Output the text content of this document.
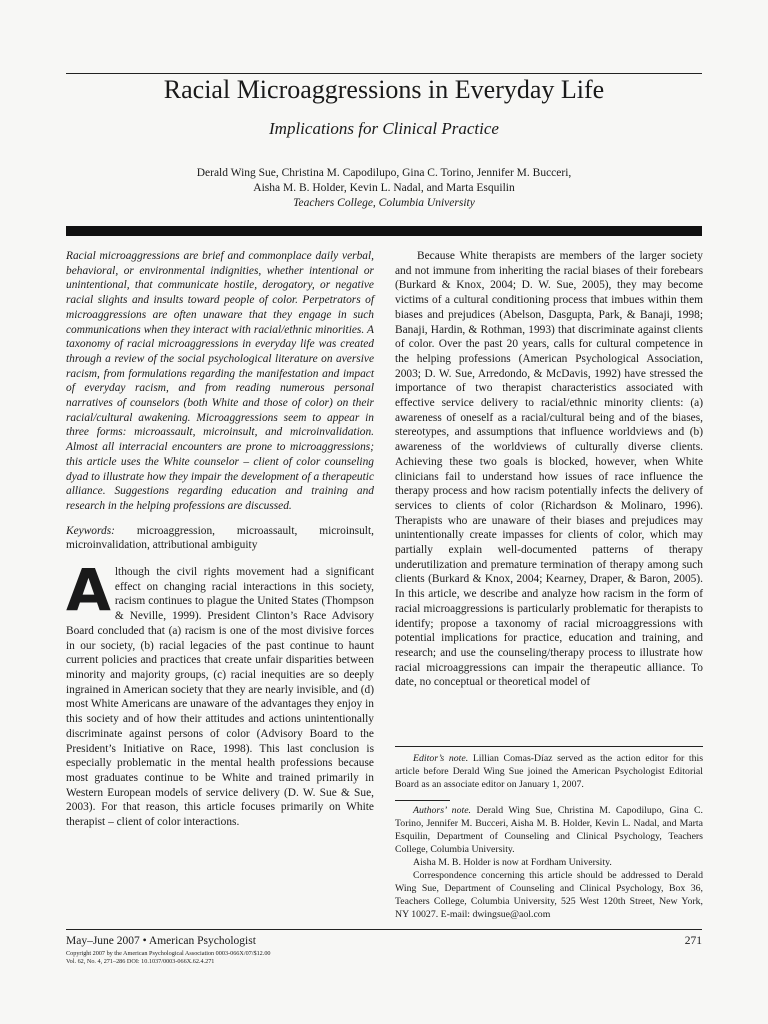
Racial Microaggressions in Everyday Life
Implications for Clinical Practice
Derald Wing Sue, Christina M. Capodilupo, Gina C. Torino, Jennifer M. Bucceri,
Aisha M. B. Holder, Kevin L. Nadal, and Marta Esquilin
Teachers College, Columbia University

Racial microaggressions are brief and commonplace daily verbal, behavioral, or environmental indignities, whether intentional or unintentional, that communicate hostile, derogatory, or negative racial slights and insults toward people of color. Perpetrators of microaggressions are often unaware that they engage in such communications when they interact with racial/ethnic minorities. A taxonomy of racial microaggressions in everyday life was created through a review of the social psychological literature on aversive racism, from formulations regarding the manifestation and impact of everyday racism, and from reading numerous personal narratives of counselors (both White and those of color) on their racial/cultural awakening. Microaggressions seem to appear in three forms: microassault, microinsult, and microinvalidation. Almost all interracial encounters are prone to microaggressions; this article uses the White counselor – client of color counseling dyad to illustrate how they impair the development of a therapeutic alliance. Suggestions regarding education and training and research in the helping professions are discussed.

Keywords: microaggression, microassault, microinsult, microinvalidation, attributional ambiguity

Although the civil rights movement had a significant effect on changing racial interactions in this society, racism continues to plague the United States (Thompson & Neville, 1999). President Clinton’s Race Advisory Board concluded that (a) racism is one of the most divisive forces in our society, (b) racial legacies of the past continue to haunt current policies and practices that create unfair disparities between minority and majority groups, (c) racial inequities are so deeply ingrained in American society that they are nearly invisible, and (d) most White Americans are unaware of the advantages they enjoy in this society and of how their attitudes and actions unintentionally discriminate against persons of color (Advisory Board to the President’s Initiative on Race, 1998). This last conclusion is especially problematic in the mental health professions because most graduates continue to be White and trained primarily in Western European models of service delivery (D. W. Sue & Sue, 2003). For that reason, this article focuses primarily on White therapist – client of color interactions.

Because White therapists are members of the larger society and not immune from inheriting the racial biases of their forebears (Burkard & Knox, 2004; D. W. Sue, 2005), they may become victims of a cultural conditioning process that imbues within them biases and prejudices (Abelson, Dasgupta, Park, & Banaji, 1998; Banaji, Hardin, & Rothman, 1993) that discriminate against clients of color. Over the past 20 years, calls for cultural competence in the helping professions (American Psychological Association, 2003; D. W. Sue, Arredondo, & McDavis, 1992) have stressed the importance of two therapist characteristics associated with effective service delivery to racial/ethnic minority clients: (a) awareness of oneself as a racial/cultural being and of the biases, stereotypes, and assumptions that influence worldviews and (b) awareness of the worldviews of culturally diverse clients. Achieving these two goals is blocked, however, when White clinicians fail to understand how issues of race influence the therapy process and how racism potentially infects the delivery of services to clients of color (Richardson & Molinaro, 1996). Therapists who are unaware of their biases and prejudices may unintentionally create impasses for clients of color, which may partially explain well-documented patterns of therapy underutilization and premature termination of therapy among such clients (Burkard & Knox, 2004; Kearney, Draper, & Baron, 2005). In this article, we describe and analyze how racism in the form of racial microaggressions is particularly problematic for therapists to identify; propose a taxonomy of racial microaggressions with potential implications for practice, education and training, and research; and use the counseling/therapy process to illustrate how racial microaggressions can impair the therapeutic alliance. To date, no conceptual or theoretical model of

Editor’s note. Lillian Comas-Díaz served as the action editor for this article before Derald Wing Sue joined the American Psychologist Editorial Board as an associate editor on January 1, 2007.

Authors’ note. Derald Wing Sue, Christina M. Capodilupo, Gina C. Torino, Jennifer M. Bucceri, Aisha M. B. Holder, Kevin L. Nadal, and Marta Esquilin, Department of Counseling and Clinical Psychology, Teachers College, Columbia University.

Aisha M. B. Holder is now at Fordham University.

Correspondence concerning this article should be addressed to Derald Wing Sue, Department of Counseling and Clinical Psychology, Box 36, Teachers College, Columbia University, 525 West 120th Street, New York, NY 10027. E-mail: dwingsue@aol.com

May–June 2007 • American Psychologist	271
Copyright 2007 by the American Psychological Association 0003-066X/07/$12.00
Vol. 62, No. 4, 271–286 DOI: 10.1037/0003-066X.62.4.271
